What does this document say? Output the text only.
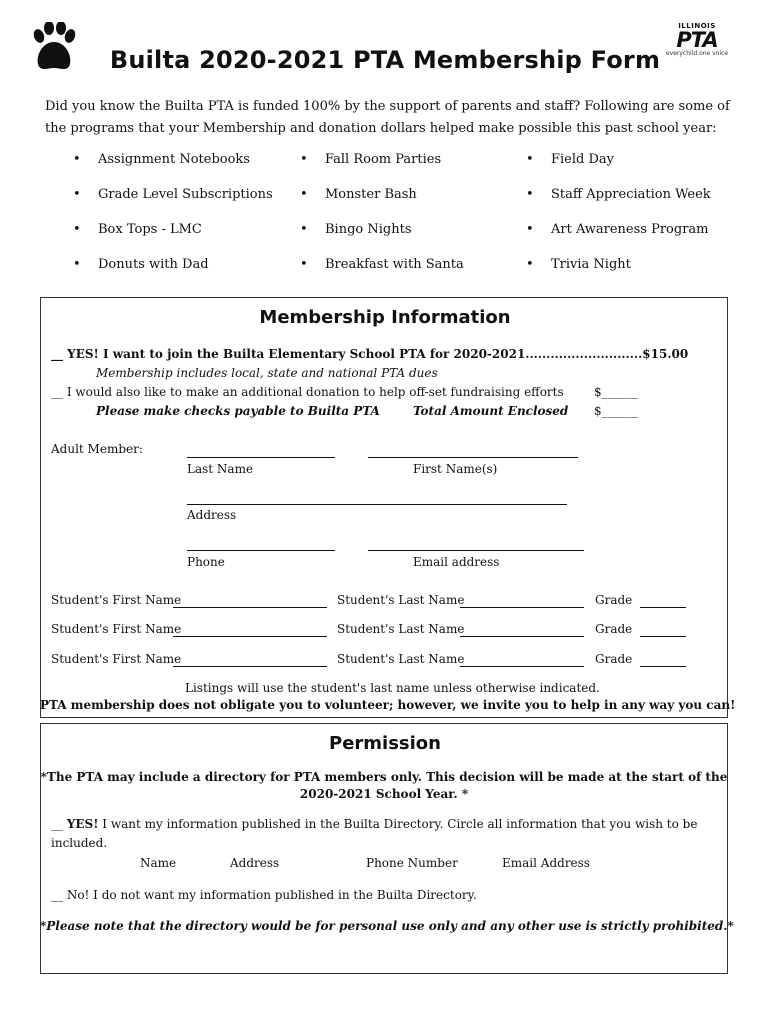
Builta 2020-2021 PTA Membership Form
ILLINOIS
PTA
everychild.one voice
Did you know the Builta PTA is funded 100% by the support of parents and staff? Following are some of the programs that your Membership and donation dollars helped make possible this past school year:
• Assignment Notebooks	• Fall Room Parties	• Field Day
• Grade Level Subscriptions • Monster Bash	• Staff Appreciation Week
• Box Tops - LMC	• Bingo Nights	• Art Awareness Program
• Donuts with Dad	• Breakfast with Santa	• Trivia Night
Membership Information
__ YES! I want to join the Builta Elementary School PTA for 2020-2021............................$15.00
Membership includes local, state and national PTA dues
__ I would also like to make an additional donation to help off-set fundraising efforts	$______
Please make checks payable to Builta PTA	Total Amount Enclosed $______
Adult Member:
Last Name	First Name(s)
Address
Phone	Email address
Student's First Name	Student's Last Name	Grade
Student's First Name	Student's Last Name	Grade
Student's First Name	Student's Last Name	Grade
Listings will use the student's last name unless otherwise indicated.
PTA membership does not obligate you to volunteer; however, we invite you to help in any way you can!
Permission
*The PTA may include a directory for PTA members only. This decision will be made at the start of the
2020-2021 School Year. *
__ YES! I want my information published in the Builta Directory. Circle all information that you wish to be
included.
Name	Address	Phone Number	Email Address
__ No! I do not want my information published in the Builta Directory.
*Please note that the directory would be for personal use only and any other use is strictly prohibited.*
